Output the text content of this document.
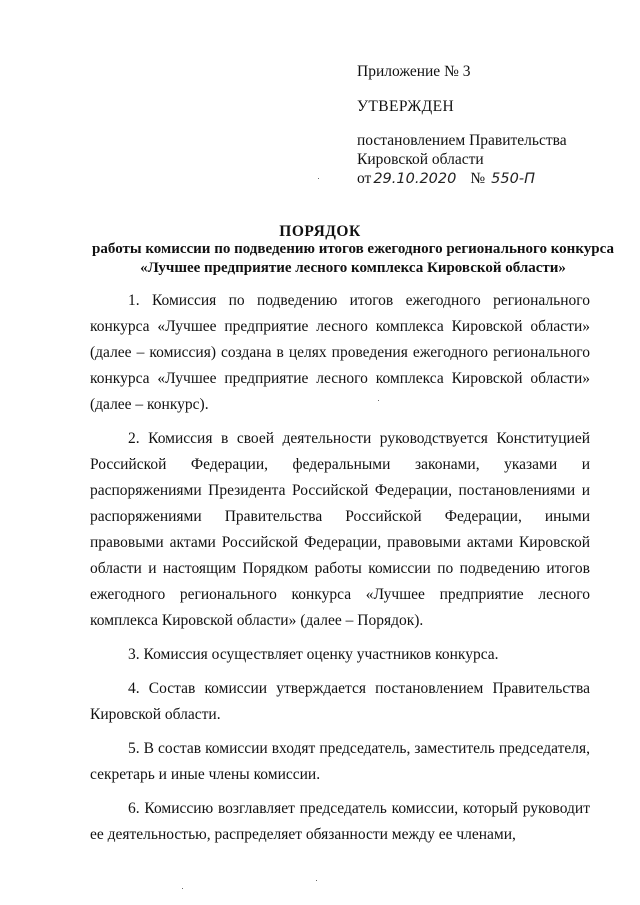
Приложение № 3

УТВЕРЖДЕН

постановлением Правительства

Кировской области

от 29.10.2020 № 550-П

ПОРЯДОК
работы комиссии по подведению итогов ежегодного регионального конкурса «Лучшее предприятие лесного комплекса Кировской области»

1. Комиссия по подведению итогов ежегодного регионального конкурса «Лучшее предприятие лесного комплекса Кировской области» (далее – комиссия) создана в целях проведения ежегодного регионального конкурса «Лучшее предприятие лесного комплекса Кировской области» (далее – конкурс).

2. Комиссия в своей деятельности руководствуется Конституцией Российской Федерации, федеральными законами, указами и распоряжениями Президента Российской Федерации, постановлениями и распоряжениями Правительства Российской Федерации, иными правовыми актами Российской Федерации, правовыми актами Кировской области и настоящим Порядком работы комиссии по подведению итогов ежегодного регионального конкурса «Лучшее предприятие лесного комплекса Кировской области» (далее – Порядок).

3. Комиссия осуществляет оценку участников конкурса.

4. Состав комиссии утверждается постановлением Правительства Кировской области.

5. В состав комиссии входят председатель, заместитель председателя, секретарь и иные члены комиссии.

6. Комиссию возглавляет председатель комиссии, который руководит ее деятельностью, распределяет обязанности между ее членами,
